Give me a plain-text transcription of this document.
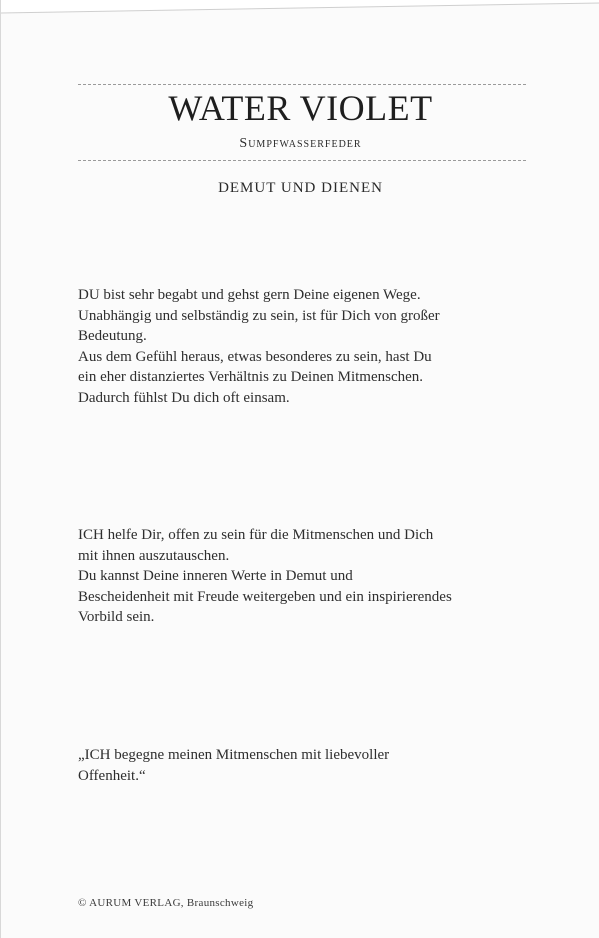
WATER VIOLET
Sumpfwasserfeder
DEMUT UND DIENEN
DU bist sehr begabt und gehst gern Deine eigenen Wege.
Unabhängig und selbständig zu sein, ist für Dich von großer
Bedeutung.
Aus dem Gefühl heraus, etwas besonderes zu sein, hast Du
ein eher distanziertes Verhältnis zu Deinen Mitmenschen.
Dadurch fühlst Du dich oft einsam.
ICH helfe Dir, offen zu sein für die Mitmenschen und Dich
mit ihnen auszutauschen.
Du kannst Deine inneren Werte in Demut und
Bescheidenheit mit Freude weitergeben und ein inspirierendes
Vorbild sein.
„ICH begegne meinen Mitmenschen mit liebevoller
Offenheit.“
© AURUM VERLAG, Braunschweig
